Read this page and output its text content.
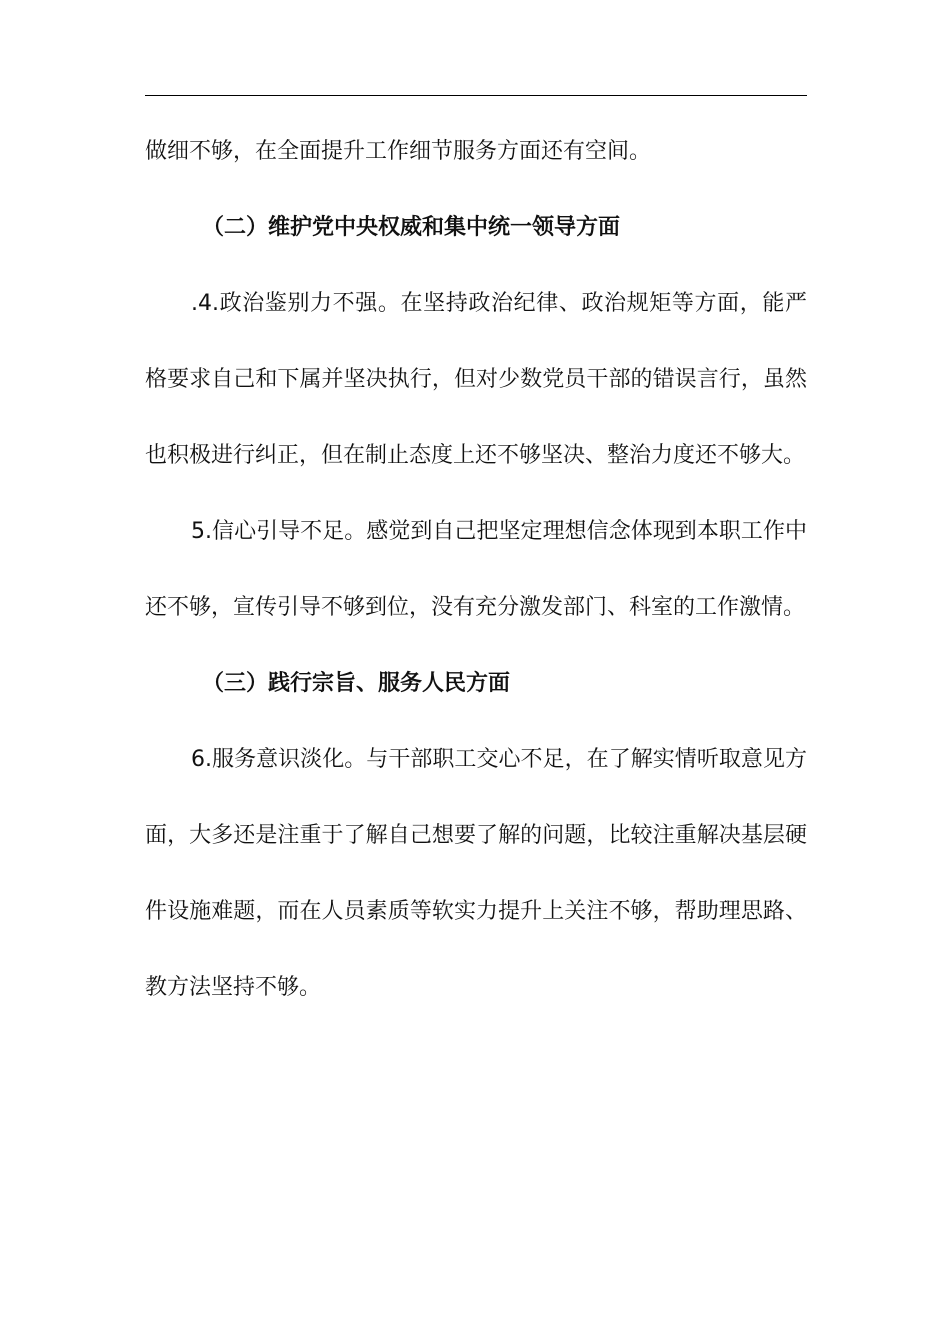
做细不够，在全面提升工作细节服务方面还有空间。

（二）维护党中央权威和集中统一领导方面

.4.政治鉴别力不强。在坚持政治纪律、政治规矩等方面，能严格要求自己和下属并坚决执行，但对少数党员干部的错误言行，虽然也积极进行纠正，但在制止态度上还不够坚决、整治力度还不够大。

5.信心引导不足。感觉到自己把坚定理想信念体现到本职工作中还不够，宣传引导不够到位，没有充分激发部门、科室的工作激情。

（三）践行宗旨、服务人民方面

6.服务意识淡化。与干部职工交心不足，在了解实情听取意见方面，大多还是注重于了解自己想要了解的问题，比较注重解决基层硬件设施难题，而在人员素质等软实力提升上关注不够，帮助理思路、教方法坚持不够。
